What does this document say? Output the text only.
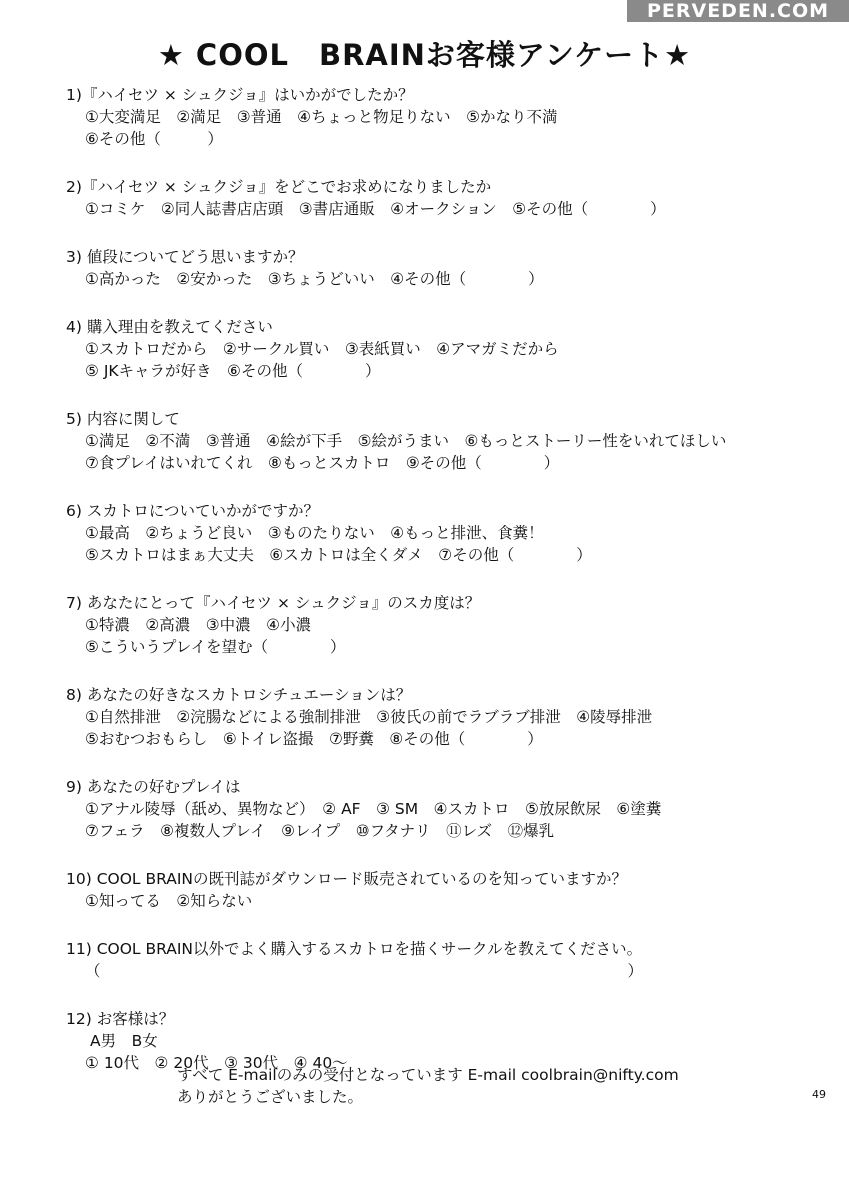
PERVEDEN.COM
★ COOL　BRAINお客様アンケート★
1)『ハイセツ × シュクジョ』はいかがでしたか？
①大変満足　②満足　③普通　④ちょっと物足りない　⑤かなり不満
⑥その他（　　　）
2)『ハイセツ × シュクジョ』をどこでお求めになりましたか
①コミケ　②同人誌書店店頭　③書店通販　④オークション　⑤その他（　　　　）
3) 値段についてどう思いますか？
①高かった　②安かった　③ちょうどいい　④その他（　　　　）
4) 購入理由を教えてください
①スカトロだから　②サークル買い　③表紙買い　④アマガミだから
⑤ JKキャラが好き　⑥その他（　　　　）
5) 内容に関して
①満足　②不満　③普通　④絵が下手　⑤絵がうまい　⑥もっとストーリー性をいれてほしい
⑦食プレイはいれてくれ　⑧もっとスカトロ　⑨その他（　　　　）
6) スカトロについていかがですか？
①最高　②ちょうど良い　③ものたりない　④もっと排泄、食糞！
⑤スカトロはまぁ大丈夫　⑥スカトロは全くダメ　⑦その他（　　　　）
7) あなたにとって『ハイセツ × シュクジョ』のスカ度は？
①特濃　②高濃　③中濃　④小濃
⑤こういうプレイを望む（　　　　）
8) あなたの好きなスカトロシチュエーションは？
①自然排泄　②浣腸などによる強制排泄　③彼氏の前でラブラブ排泄　④陵辱排泄
⑤おむつおもらし　⑥トイレ盗撮　⑦野糞　⑧その他（　　　　）
9) あなたの好むプレイは
①アナル陵辱（舐め、異物など）　② AF　③ SM　④スカトロ　⑤放尿飲尿　⑥塗糞
⑦フェラ　⑧複数人プレイ　⑨レイプ　⑩フタナリ　⑪レズ　⑫爆乳
10) COOL BRAINの既刊誌がダウンロード販売されているのを知っていますか？
①知ってる　②知らない
11) COOL BRAIN以外でよく購入するスカトロを描くサークルを教えてください。
（　　　　　　　　　　　　　　　　　　　　　　　　　　　　　　　　　　）
12) お客様は？
A男　B女
① 10代　② 20代　③ 30代　④ 40～
すべて E-mailのみの受付となっています E-mail coolbrain@nifty.com
ありがとうございました。	49
